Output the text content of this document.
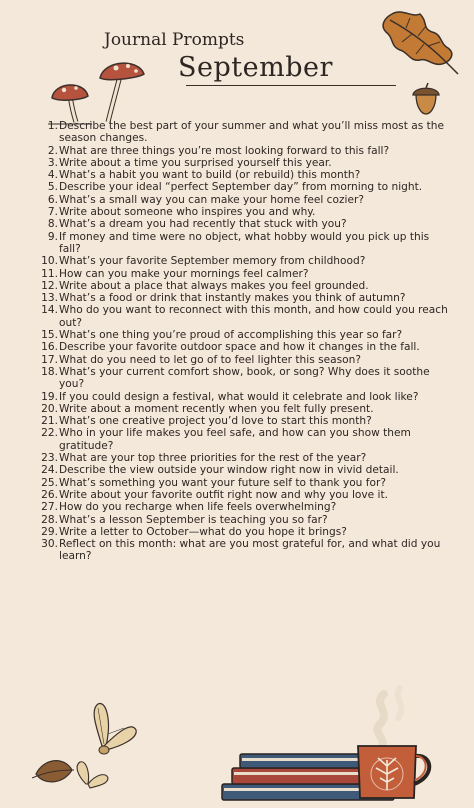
Journal Prompts
September
1. Describe the best part of your summer and what you’ll miss most as the season changes.
2. What are three things you’re most looking forward to this fall?
3. Write about a time you surprised yourself this year.
4. What’s a habit you want to build (or rebuild) this month?
5. Describe your ideal “perfect September day” from morning to night.
6. What’s a small way you can make your home feel cozier?
7. Write about someone who inspires you and why.
8. What’s a dream you had recently that stuck with you?
9. If money and time were no object, what hobby would you pick up this fall?
10. What’s your favorite September memory from childhood?
11. How can you make your mornings feel calmer?
12. Write about a place that always makes you feel grounded.
13. What’s a food or drink that instantly makes you think of autumn?
14. Who do you want to reconnect with this month, and how could you reach out?
15. What’s one thing you’re proud of accomplishing this year so far?
16. Describe your favorite outdoor space and how it changes in the fall.
17. What do you need to let go of to feel lighter this season?
18. What’s your current comfort show, book, or song? Why does it soothe you?
19. If you could design a festival, what would it celebrate and look like?
20. Write about a moment recently when you felt fully present.
21. What’s one creative project you’d love to start this month?
22. Who in your life makes you feel safe, and how can you show them gratitude?
23. What are your top three priorities for the rest of the year?
24. Describe the view outside your window right now in vivid detail.
25. What’s something you want your future self to thank you for?
26. Write about your favorite outfit right now and why you love it.
27. How do you recharge when life feels overwhelming?
28. What’s a lesson September is teaching you so far?
29. Write a letter to October—what do you hope it brings?
30. Reflect on this month: what are you most grateful for, and what did you learn?
